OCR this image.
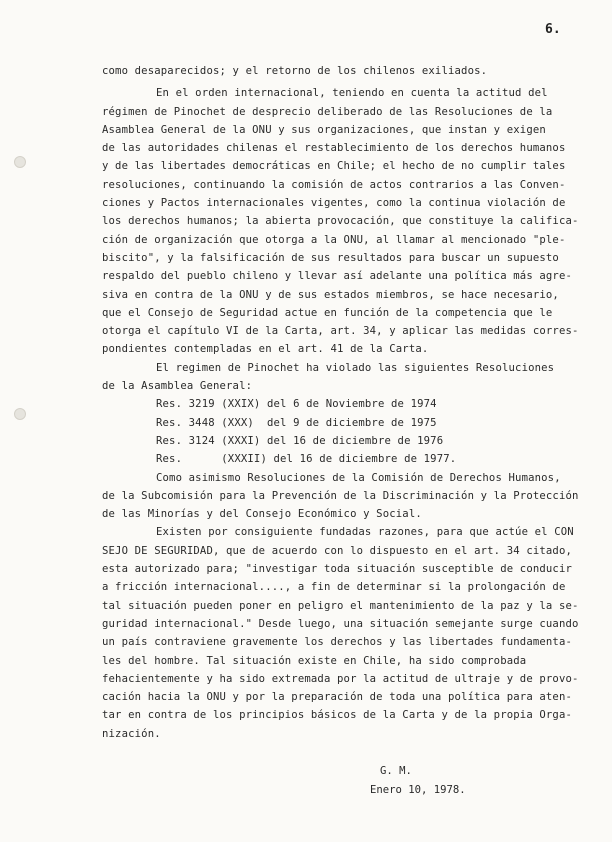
6.
como desaparecidos; y el retorno de los chilenos exiliados.
En el orden internacional, teniendo en cuenta la actitud del
régimen de Pinochet de desprecio deliberado de las Resoluciones de la
Asamblea General de la ONU y sus organizaciones, que instan y exigen
de las autoridades chilenas el restablecimiento de los derechos humanos
y de las libertades democráticas en Chile; el hecho de no cumplir tales
resoluciones, continuando la comisión de actos contrarios a las Conven-
ciones y Pactos internacionales vigentes, como la continua violación de
los derechos humanos; la abierta provocación, que constituye la califica-
ción de organización que otorga a la ONU, al llamar al mencionado "ple-
biscito", y la falsificación de sus resultados para buscar un supuesto
respaldo del pueblo chileno y llevar así adelante una política más agre-
siva en contra de la ONU y de sus estados miembros, se hace necesario,
que el Consejo de Seguridad actue en función de la competencia que le
otorga el capítulo VI de la Carta, art. 34, y aplicar las medidas corres-
pondientes contempladas en el art. 41 de la Carta.
El regimen de Pinochet ha violado las siguientes Resoluciones
de la Asamblea General:
Res. 3219 (XXIX) del 6 de Noviembre de 1974
Res. 3448 (XXX)  del 9 de diciembre de 1975
Res. 3124 (XXXI) del 16 de diciembre de 1976
Res.      (XXXII) del 16 de diciembre de 1977.
Como asimismo Resoluciones de la Comisión de Derechos Humanos,
de la Subcomisión para la Prevención de la Discriminación y la Protección
de las Minorías y del Consejo Económico y Social.
Existen por consiguiente fundadas razones, para que actúe el CON
SEJO DE SEGURIDAD, que de acuerdo con lo dispuesto en el art. 34 citado,
esta autorizado para; "investigar toda situación susceptible de conducir
a fricción internacional...., a fin de determinar si la prolongación de
tal situación pueden poner en peligro el mantenimiento de la paz y la se-
guridad internacional." Desde luego, una situación semejante surge cuando
un país contraviene gravemente los derechos y las libertades fundamenta-
les del hombre. Tal situación existe en Chile, ha sido comprobada
fehacientemente y ha sido extremada por la actitud de ultraje y de provo-
cación hacia la ONU y por la preparación de toda una política para aten-
tar en contra de los principios básicos de la Carta y de la propia Orga-
nización.
G. M.
Enero 10, 1978.
